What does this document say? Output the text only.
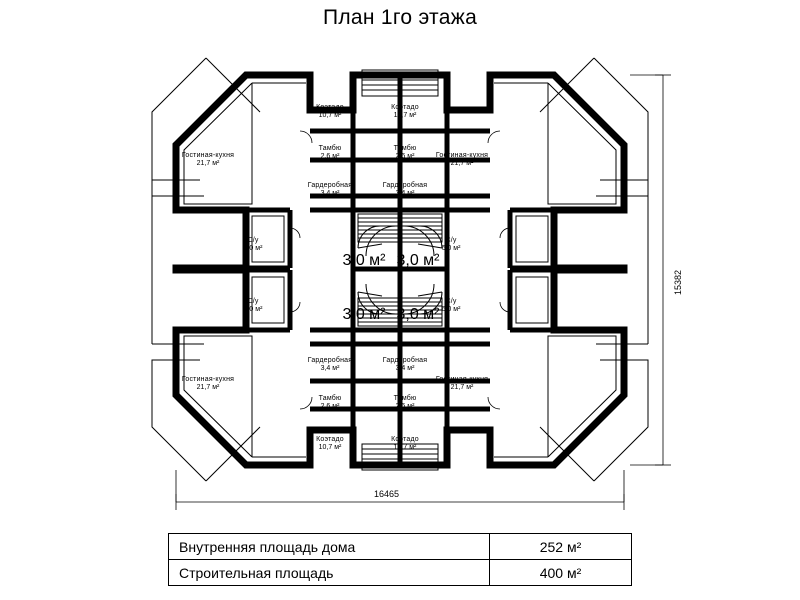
План 1го этажа
Коэтадо
10,7 м²
Коэтадо
10,7 м²
Тамбю
2,6 м²
Тамбю
2,6 м²
Гардеробная
3,4 м²
Гардеробная
3,4 м²
Гостиная-кухня
21,7 м²
Гостиная-кухня
21,7 м²
С/у
6,0 м²
С/у
6,0 м²
С/у
6,0 м²
С/у
6,0 м²
Гардеробная
3,4 м²
Гардеробная
3,4 м²
Тамбю
2,6 м²
Тамбю
2,6 м²
Коэтадо
10,7 м²
Коэтадо
10,7 м²
Гостиная-кухня
21,7 м²
Гостиная-кухня
21,7 м²
3,0 м² 3,0 м²
3,0 м² 3,0 м²
16465
15382
Внутренняя площадь дома	252 м²
Строительная площадь	400 м²
